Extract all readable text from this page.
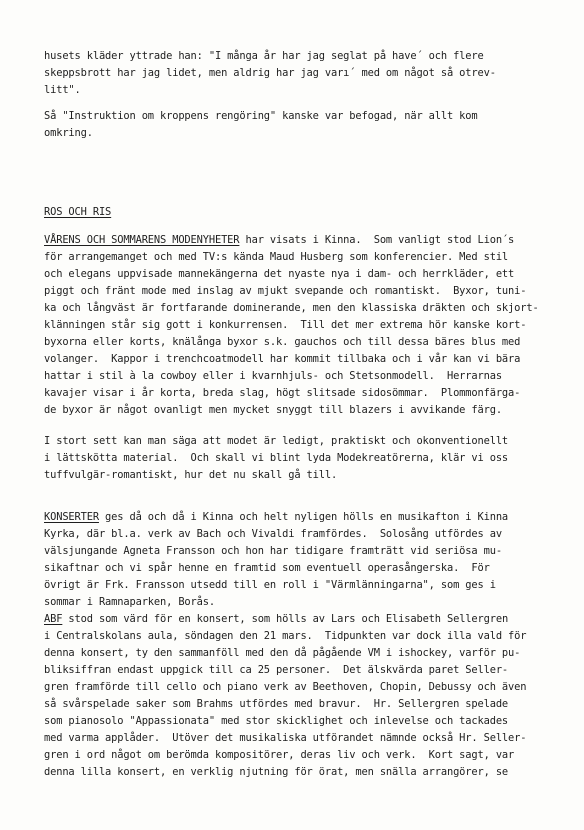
husets kläder yttrade han: "I många år har jag seglat på have´ och flere
skeppsbrott har jag lidet, men aldrig har jag varı´ med om något så otrev-
litt".
Så "Instruktion om kroppens rengöring" kanske var befogad, när allt kom
omkring.
ROS OCH RIS
VÅRENS OCH SOMMARENS MODENYHETER har visats i Kinna.  Som vanligt stod Lion´s
för arrangemanget och med TV:s kända Maud Husberg som konferencier. Med stil
och elegans uppvisade mannekängerna det nyaste nya i dam- och herrkläder, ett
piggt och fränt mode med inslag av mjukt svepande och romantiskt.  Byxor, tuni-
ka och långväst är fortfarande dominerande, men den klassiska dräkten och skjort-
klänningen står sig gott i konkurrensen.  Till det mer extrema hör kanske kort-
byxorna eller korts, knälånga byxor s.k. gauchos och till dessa bäres blus med
volanger.  Kappor i trenchcoatmodell har kommit tillbaka och i vår kan vi bära
hattar i stil à la cowboy eller i kvarnhjuls- och Stetsonmodell.  Herrarnas
kavajer visar i år korta, breda slag, högt slitsade sidosömmar.  Plommonfärga-
de byxor är något ovanligt men mycket snyggt till blazers i avvikande färg.
I stort sett kan man säga att modet är ledigt, praktiskt och okonventionellt
i lättskötta material.  Och skall vi blint lyda Modekreatörerna, klär vi oss
tuffvulgär-romantiskt, hur det nu skall gå till.
KONSERTER ges då och då i Kinna och helt nyligen hölls en musikafton i Kinna
Kyrka, där bl.a. verk av Bach och Vivaldi framfördes.  Solosång utfördes av
välsjungande Agneta Fransson och hon har tidigare framträtt vid seriösa mu-
sikaftnar och vi spår henne en framtid som eventuell operasångerska.  För
övrigt är Frk. Fransson utsedd till en roll i "Värmlänningarna", som ges i
sommar i Ramnaparken, Borås.
ABF stod som värd för en konsert, som hölls av Lars och Elisabeth Sellergren
i Centralskolans aula, söndagen den 21 mars.  Tidpunkten var dock illa vald för
denna konsert, ty den sammanföll med den då pågående VM i ishockey, varför pu-
bliksiffran endast uppgick till ca 25 personer.  Det älskvärda paret Seller-
gren framförde till cello och piano verk av Beethoven, Chopin, Debussy och även
så svårspelade saker som Brahms utfördes med bravur.  Hr. Sellergren spelade
som pianosolo "Appassionata" med stor skicklighet och inlevelse och tackades
med varma applåder.  Utöver det musikaliska utförandet nämnde också Hr. Seller-
gren i ord något om berömda kompositörer, deras liv och verk.  Kort sagt, var
denna lilla konsert, en verklig njutning för örat, men snälla arrangörer, se
